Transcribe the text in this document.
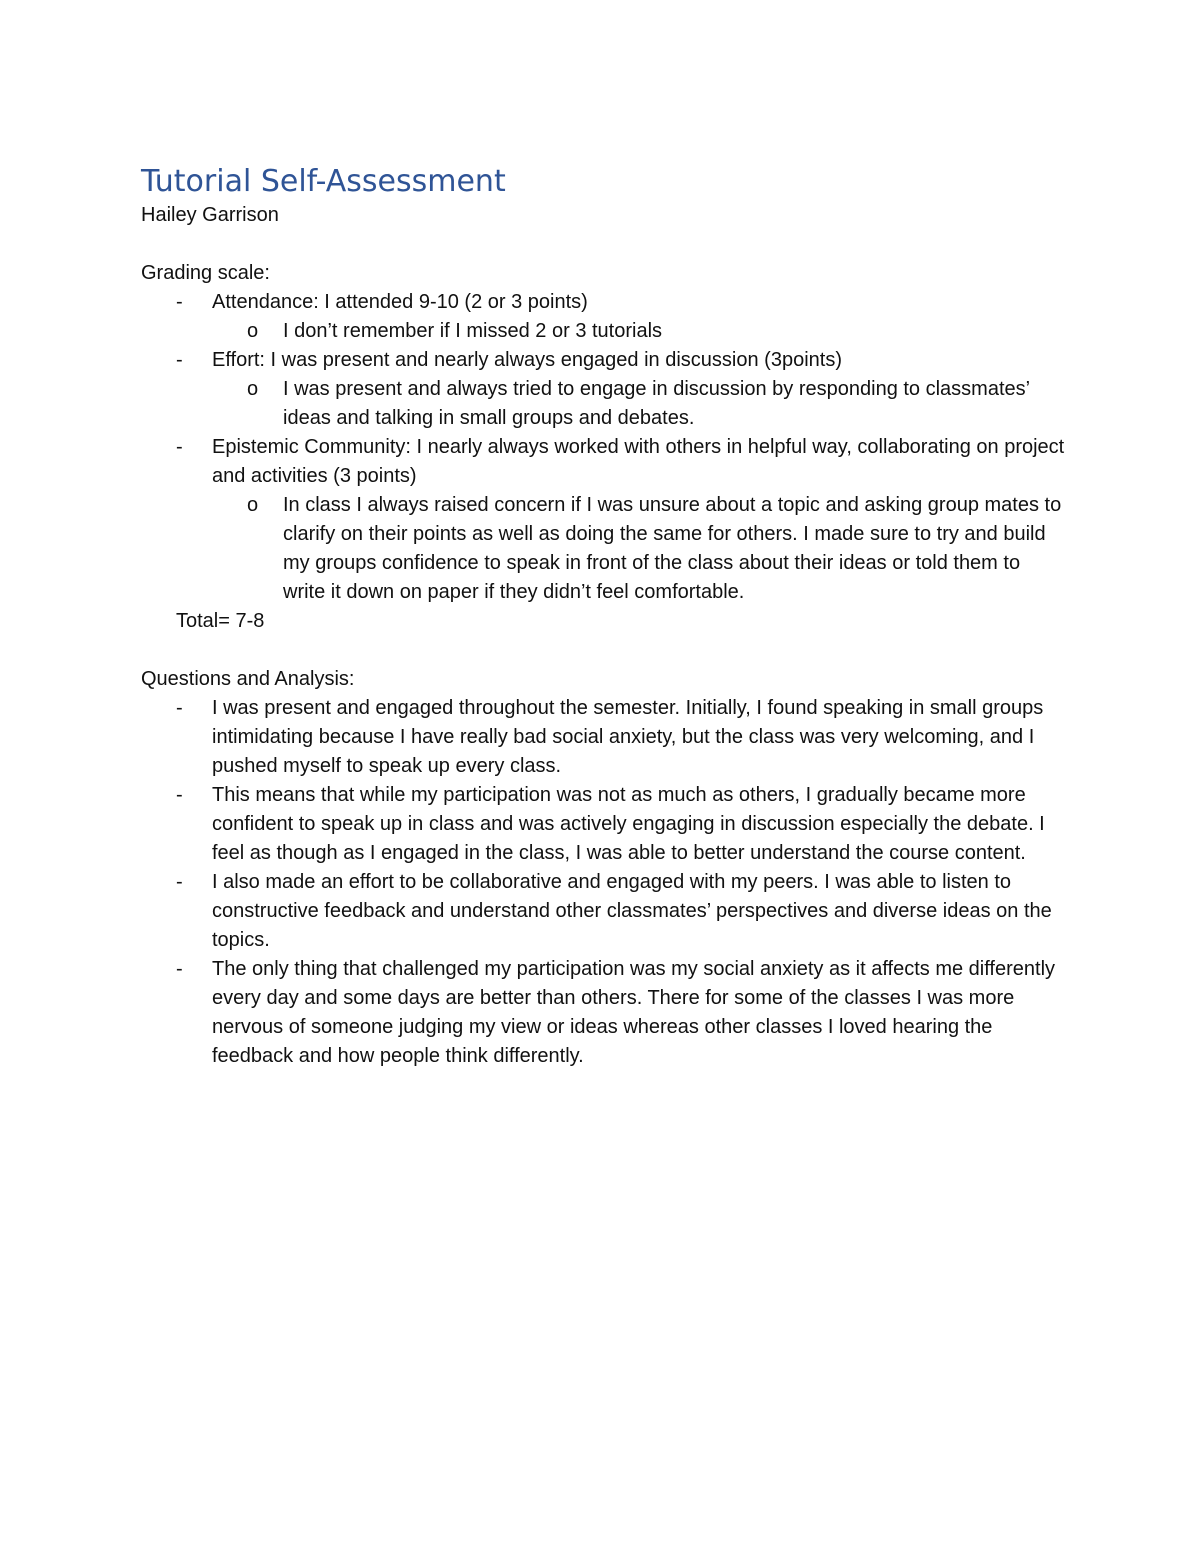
Tutorial Self-Assessment

Hailey Garrison

Grading scale:

- Attendance: I attended 9-10 (2 or 3 points)
o I don’t remember if I missed 2 or 3 tutorials
- Effort: I was present and nearly always engaged in discussion (3points)
o I was present and always tried to engage in discussion by responding to classmates’ ideas and talking in small groups and debates.
- Epistemic Community: I nearly always worked with others in helpful way, collaborating on project and activities (3 points)
o In class I always raised concern if I was unsure about a topic and asking group mates to clarify on their points as well as doing the same for others. I made sure to try and build my groups confidence to speak in front of the class about their ideas or told them to write it down on paper if they didn’t feel comfortable.

Total= 7-8

Questions and Analysis:

- I was present and engaged throughout the semester. Initially, I found speaking in small groups intimidating because I have really bad social anxiety, but the class was very welcoming, and I pushed myself to speak up every class.
- This means that while my participation was not as much as others, I gradually became more confident to speak up in class and was actively engaging in discussion especially the debate. I feel as though as I engaged in the class, I was able to better understand the course content.
- I also made an effort to be collaborative and engaged with my peers. I was able to listen to constructive feedback and understand other classmates’ perspectives and diverse ideas on the topics.
- The only thing that challenged my participation was my social anxiety as it affects me differently every day and some days are better than others. There for some of the classes I was more nervous of someone judging my view or ideas whereas other classes I loved hearing the feedback and how people think differently.
